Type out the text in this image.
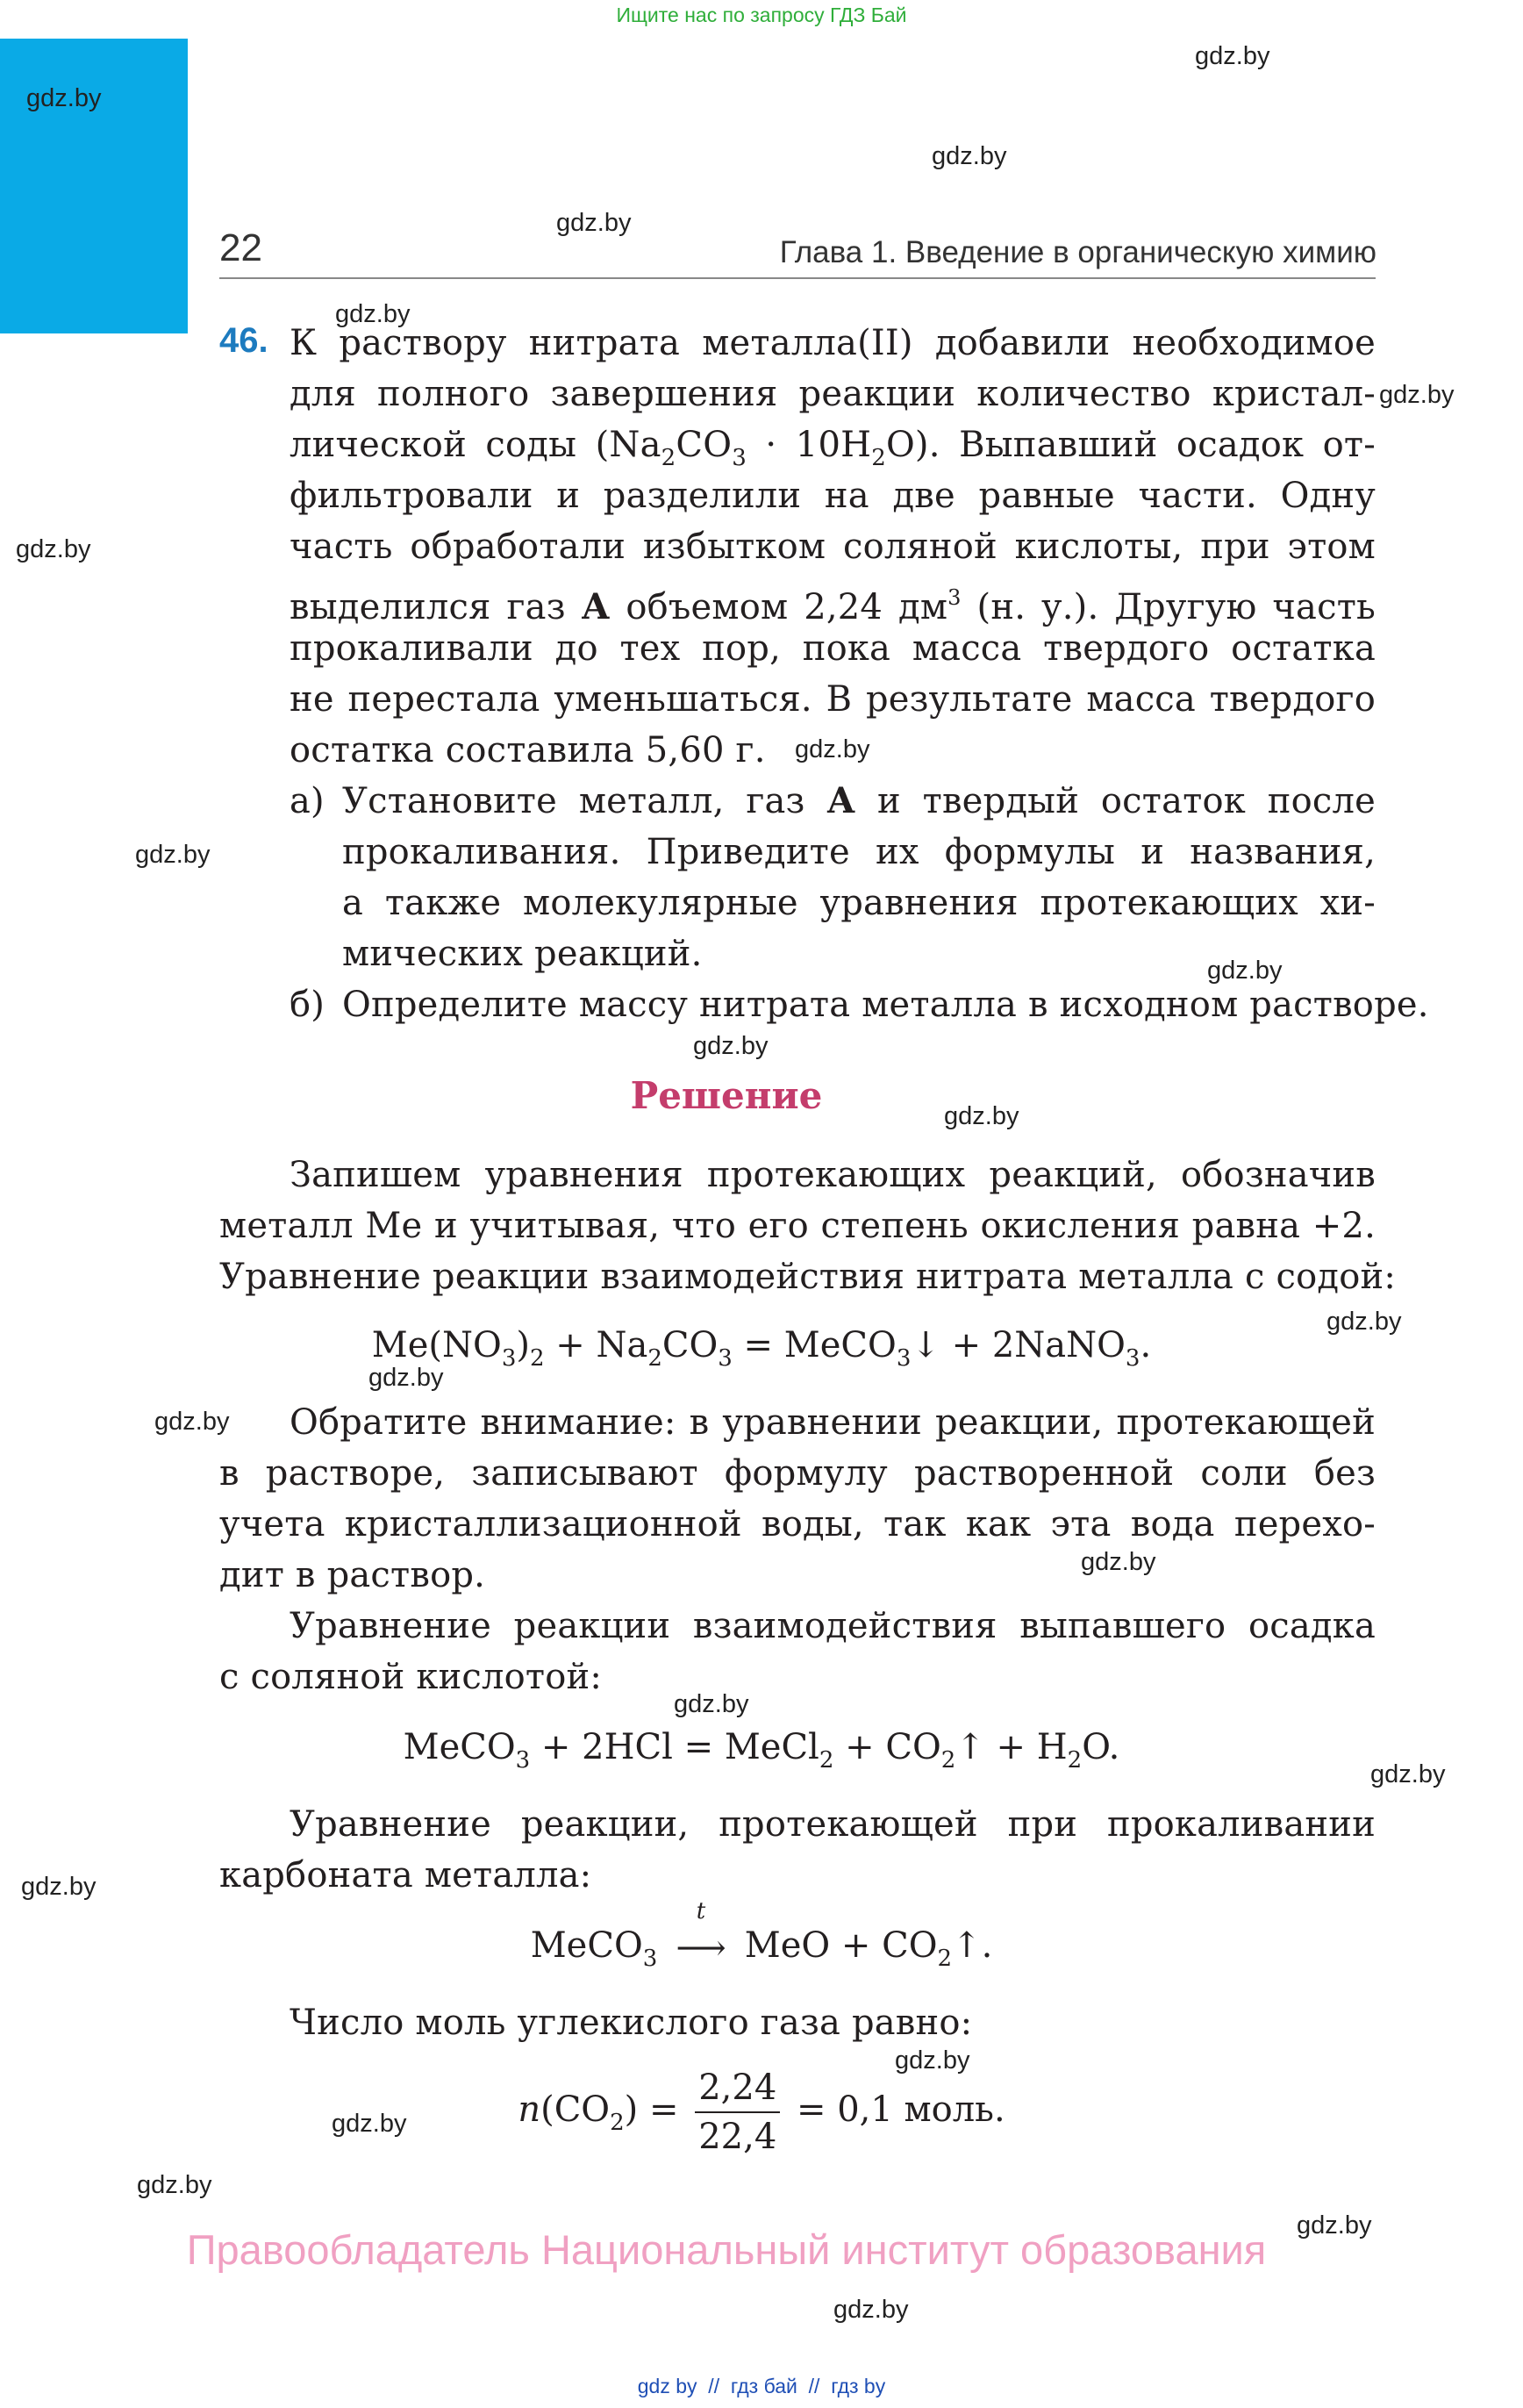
Ищите нас по запросу ГДЗ Бай
gdz.by
gdz.by
gdz.by
gdz.by
gdz.by
gdz.by
gdz.by
gdz.by
gdz.by
gdz.by
gdz.by
gdz.by
gdz.by
gdz.by
gdz.by
gdz.by
gdz.by
gdz.by
gdz.by
gdz.by
gdz.by
gdz.by
gdz.by
gdz.by
22	Глава 1. Введение в органическую химию
46. К раствору нитрата металла(II) добавили необходимое
для полного завершения реакции количество кристал-
лической соды $(Na_2CO_3 \cdot 10H_2O)$. Выпавший осадок от-
фильтровали и разделили на две равные части. Одну
часть обработали избытком соляной кислоты, при этом
выделился газ А объемом 2,24 $дм^3$ (н. у.). Другую часть
прокаливали до тех пор, пока масса твердого остатка
не перестала уменьшаться. В результате масса твердого
остатка составила 5,60 г.
а) Установите металл, газ А и твердый остаток после
прокаливания. Приведите их формулы и названия,
а также молекулярные уравнения протекающих хи-
мических реакций.
б) Определите массу нитрата металла в исходном растворе.
Решение
Запишем уравнения протекающих реакций, обозначив
металл Me и учитывая, что его степень окисления равна +2.
Уравнение реакции взаимодействия нитрата металла с содой:
$Me(NO_3)_2 + Na_2CO_3$ = MeCO$_3$↓ + 2NaNO$_3$.
Обратите внимание: в уравнении реакции, протекающей
в растворе, записывают формулу растворенной соли без
учета кристаллизационной воды, так как эта вода перехо-
дит в раствор.
Уравнение реакции взаимодействия выпавшего осадка
с соляной кислотой:
MeCO$_3$ + 2HCl = MeCl$_2$ + $CO_2↑ + H_2O$.
Уравнение реакции, протекающей при прокаливании
карбоната металла:
MeCO$_3$
t
⟶ MeO + $CO_2↑$.
Число моль углекислого газа равно:
$n(CO_2) = \frac{2,24}{22,4} = 0,1$ моль.
Правообладатель Национальный институт образования
gdz by  //  гдз бай  //  гдз by
